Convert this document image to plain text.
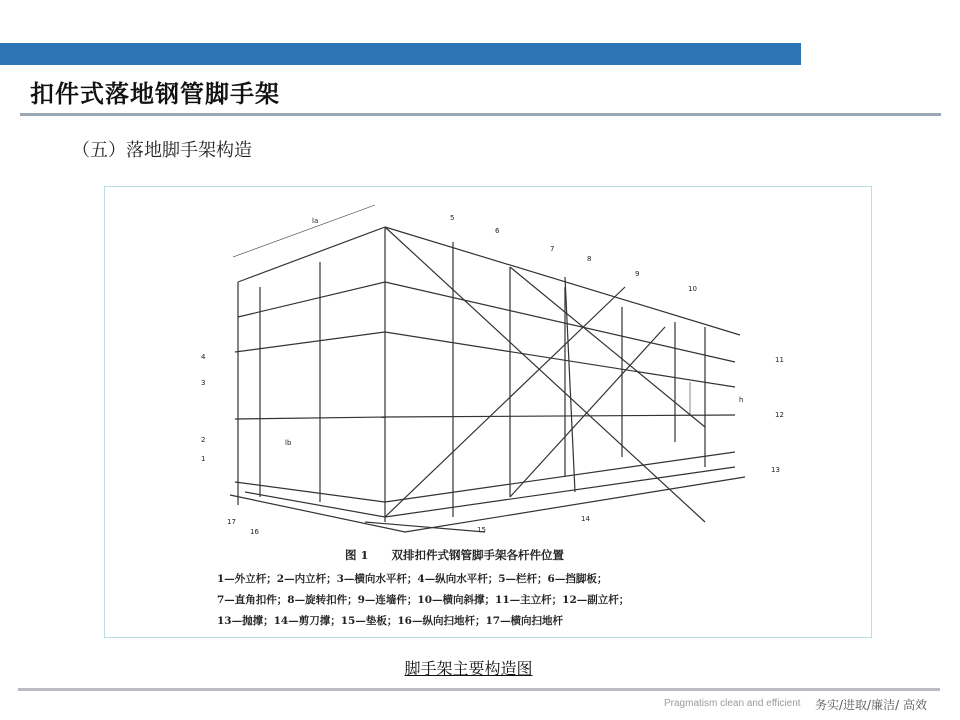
扣件式落地钢管脚手架
（五）落地脚手架构造
5
6
7
8
9
10
11
4
3
12
2
1
13
17
16	15
14
h
lb
la
图 1　　双排扣件式钢管脚手架各杆件位置
1—外立杆；2—内立杆；3—横向水平杆；4—纵向水平杆；5—栏杆；6—挡脚板；
7—直角扣件；8—旋转扣件；9—连墙件；10—横向斜撑；11—主立杆；12—副立杆；
13—抛撑；14—剪刀撑；15—垫板；16—纵向扫地杆；17—横向扫地杆
脚手架主要构造图
Pragmatism clean and efficient 务实/进取/廉洁/ 高效
